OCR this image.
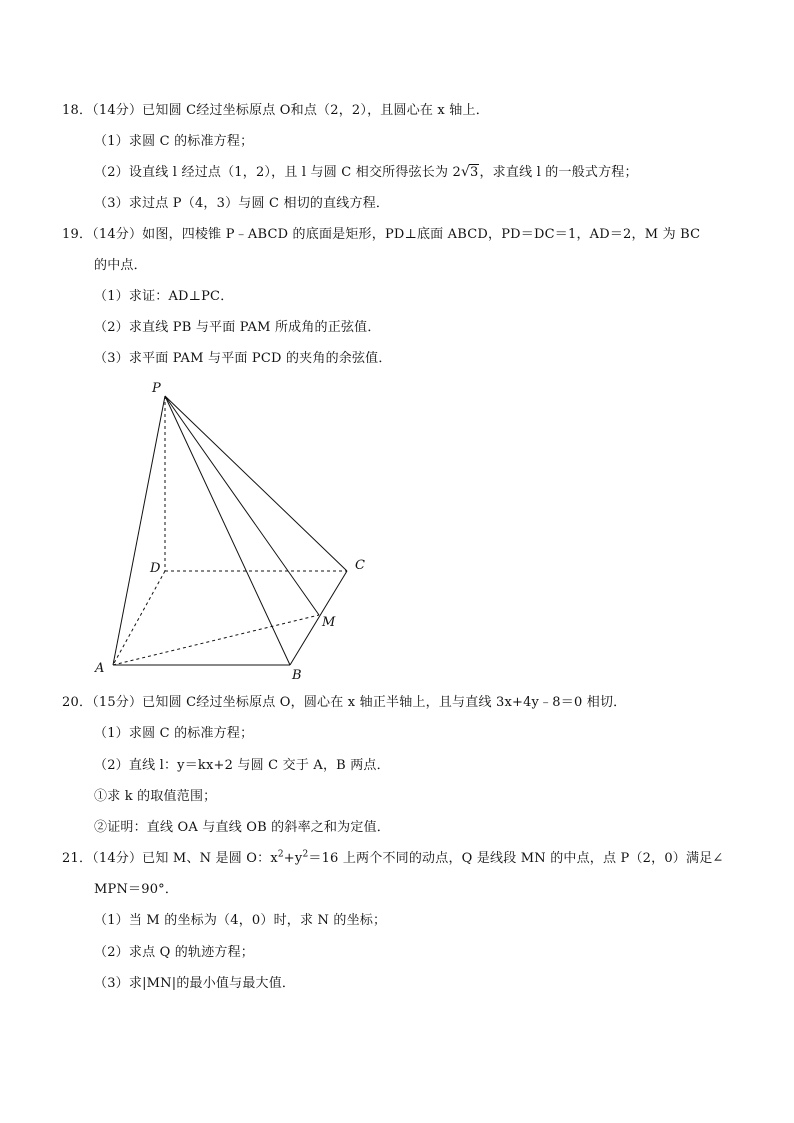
18．（14分）已知圆 C经过坐标原点 O和点（2，2），且圆心在 x 轴上．
（1）求圆 C 的标准方程；
（2）设直线 l 经过点（1，2），且 l 与圆 C 相交所得弦长为 2 √ 3，求直线 l 的一般式方程；
（3）求过点 P（4，3）与圆 C 相切的直线方程．
19．（14分）如图，四棱锥 P﹣ABCD 的底面是矩形，PD⊥底面 ABCD，PD＝DC＝1，AD＝2，M 为 BC
的中点．
（1）求证：AD⊥PC．
（2）求直线 PB 与平面 PAM 所成角的正弦值．
（3）求平面 PAM 与平面 PCD 的夹角的余弦值．
P
D	C
M
A	B
20．（15分）已知圆 C经过坐标原点 O，圆心在 x 轴正半轴上，且与直线 3x+4y﹣8＝0 相切．
（1）求圆 C 的标准方程；
（2）直线 l：y＝kx+2 与圆 C 交于 A，B 两点．
①求 k 的取值范围；
②证明：直线 OA 与直线 OB 的斜率之和为定值．
21．（14分）已知 M、N 是圆 O：$x^2+y^2=16$ 上两个不同的动点，Q 是线段 MN 的中点，点 P（2，0）满足∠
MPN＝90°．
（1）当 M 的坐标为（4，0）时，求 N 的坐标；
（2）求点 Q 的轨迹方程；
（3）求|MN|的最小值与最大值．
